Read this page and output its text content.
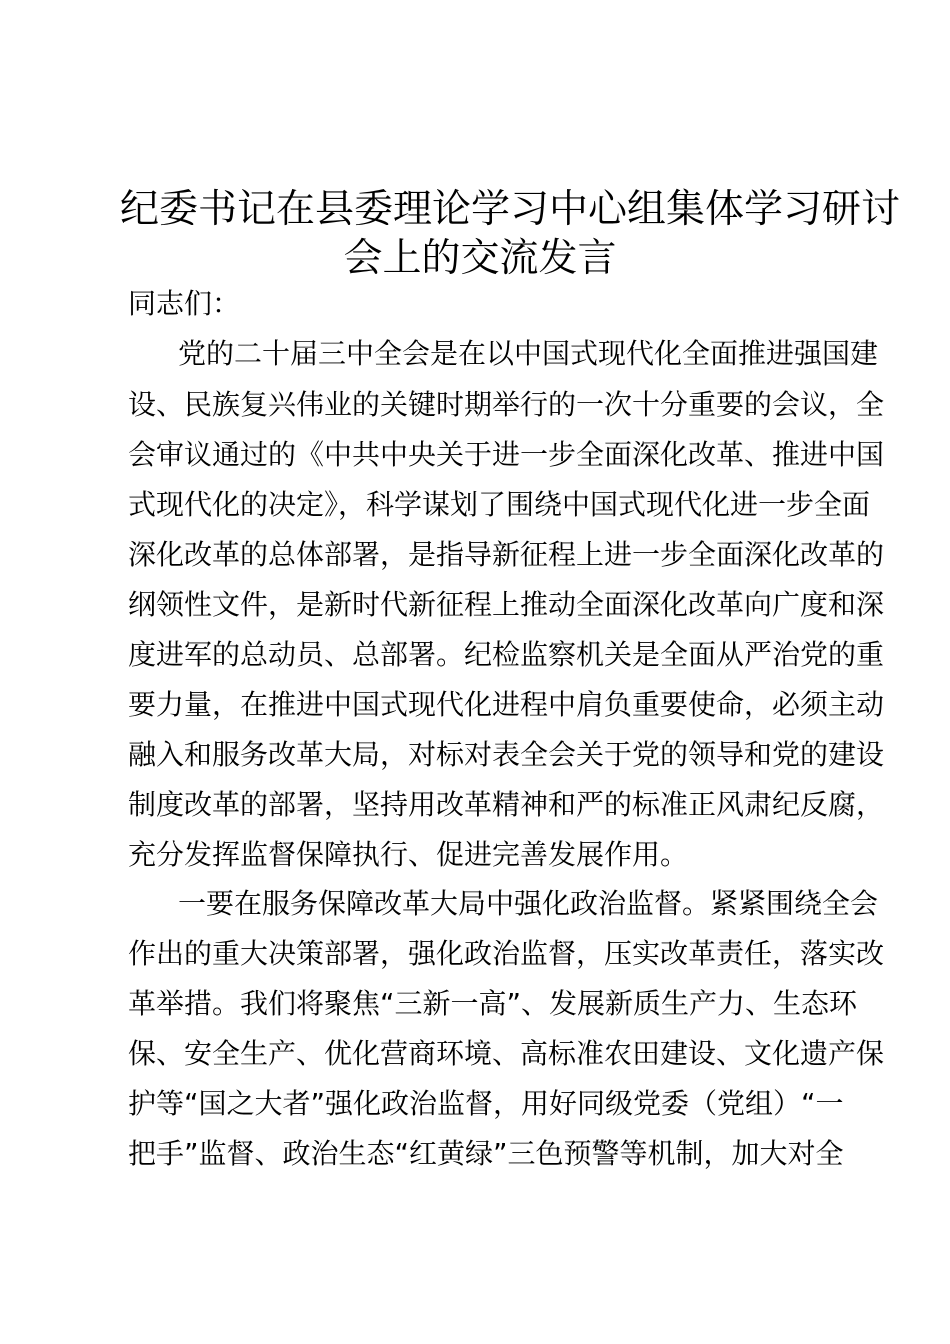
纪委书记在县委理论学习中心组集体学习研讨
会上的交流发言

同志们：

党的二十届三中全会是在以中国式现代化全面推进强国建

设、民族复兴伟业的关键时期举行的一次十分重要的会议，全

会审议通过的《中共中央关于进一步全面深化改革、推进中国

式现代化的决定》，科学谋划了围绕中国式现代化进一步全面

深化改革的总体部署，是指导新征程上进一步全面深化改革的

纲领性文件，是新时代新征程上推动全面深化改革向广度和深

度进军的总动员、总部署。纪检监察机关是全面从严治党的重

要力量，在推进中国式现代化进程中肩负重要使命，必须主动

融入和服务改革大局，对标对表全会关于党的领导和党的建设

制度改革的部署，坚持用改革精神和严的标准正风肃纪反腐，

充分发挥监督保障执行、促进完善发展作用。

一要在服务保障改革大局中强化政治监督。紧紧围绕全会

作出的重大决策部署，强化政治监督，压实改革责任，落实改

革举措。我们将聚焦“三新一高”、发展新质生产力、生态环

保、安全生产、优化营商环境、高标准农田建设、文化遗产保

护等“国之大者”强化政治监督，用好同级党委（党组）“一

把手”监督、政治生态“红黄绿”三色预警等机制，加大对全
